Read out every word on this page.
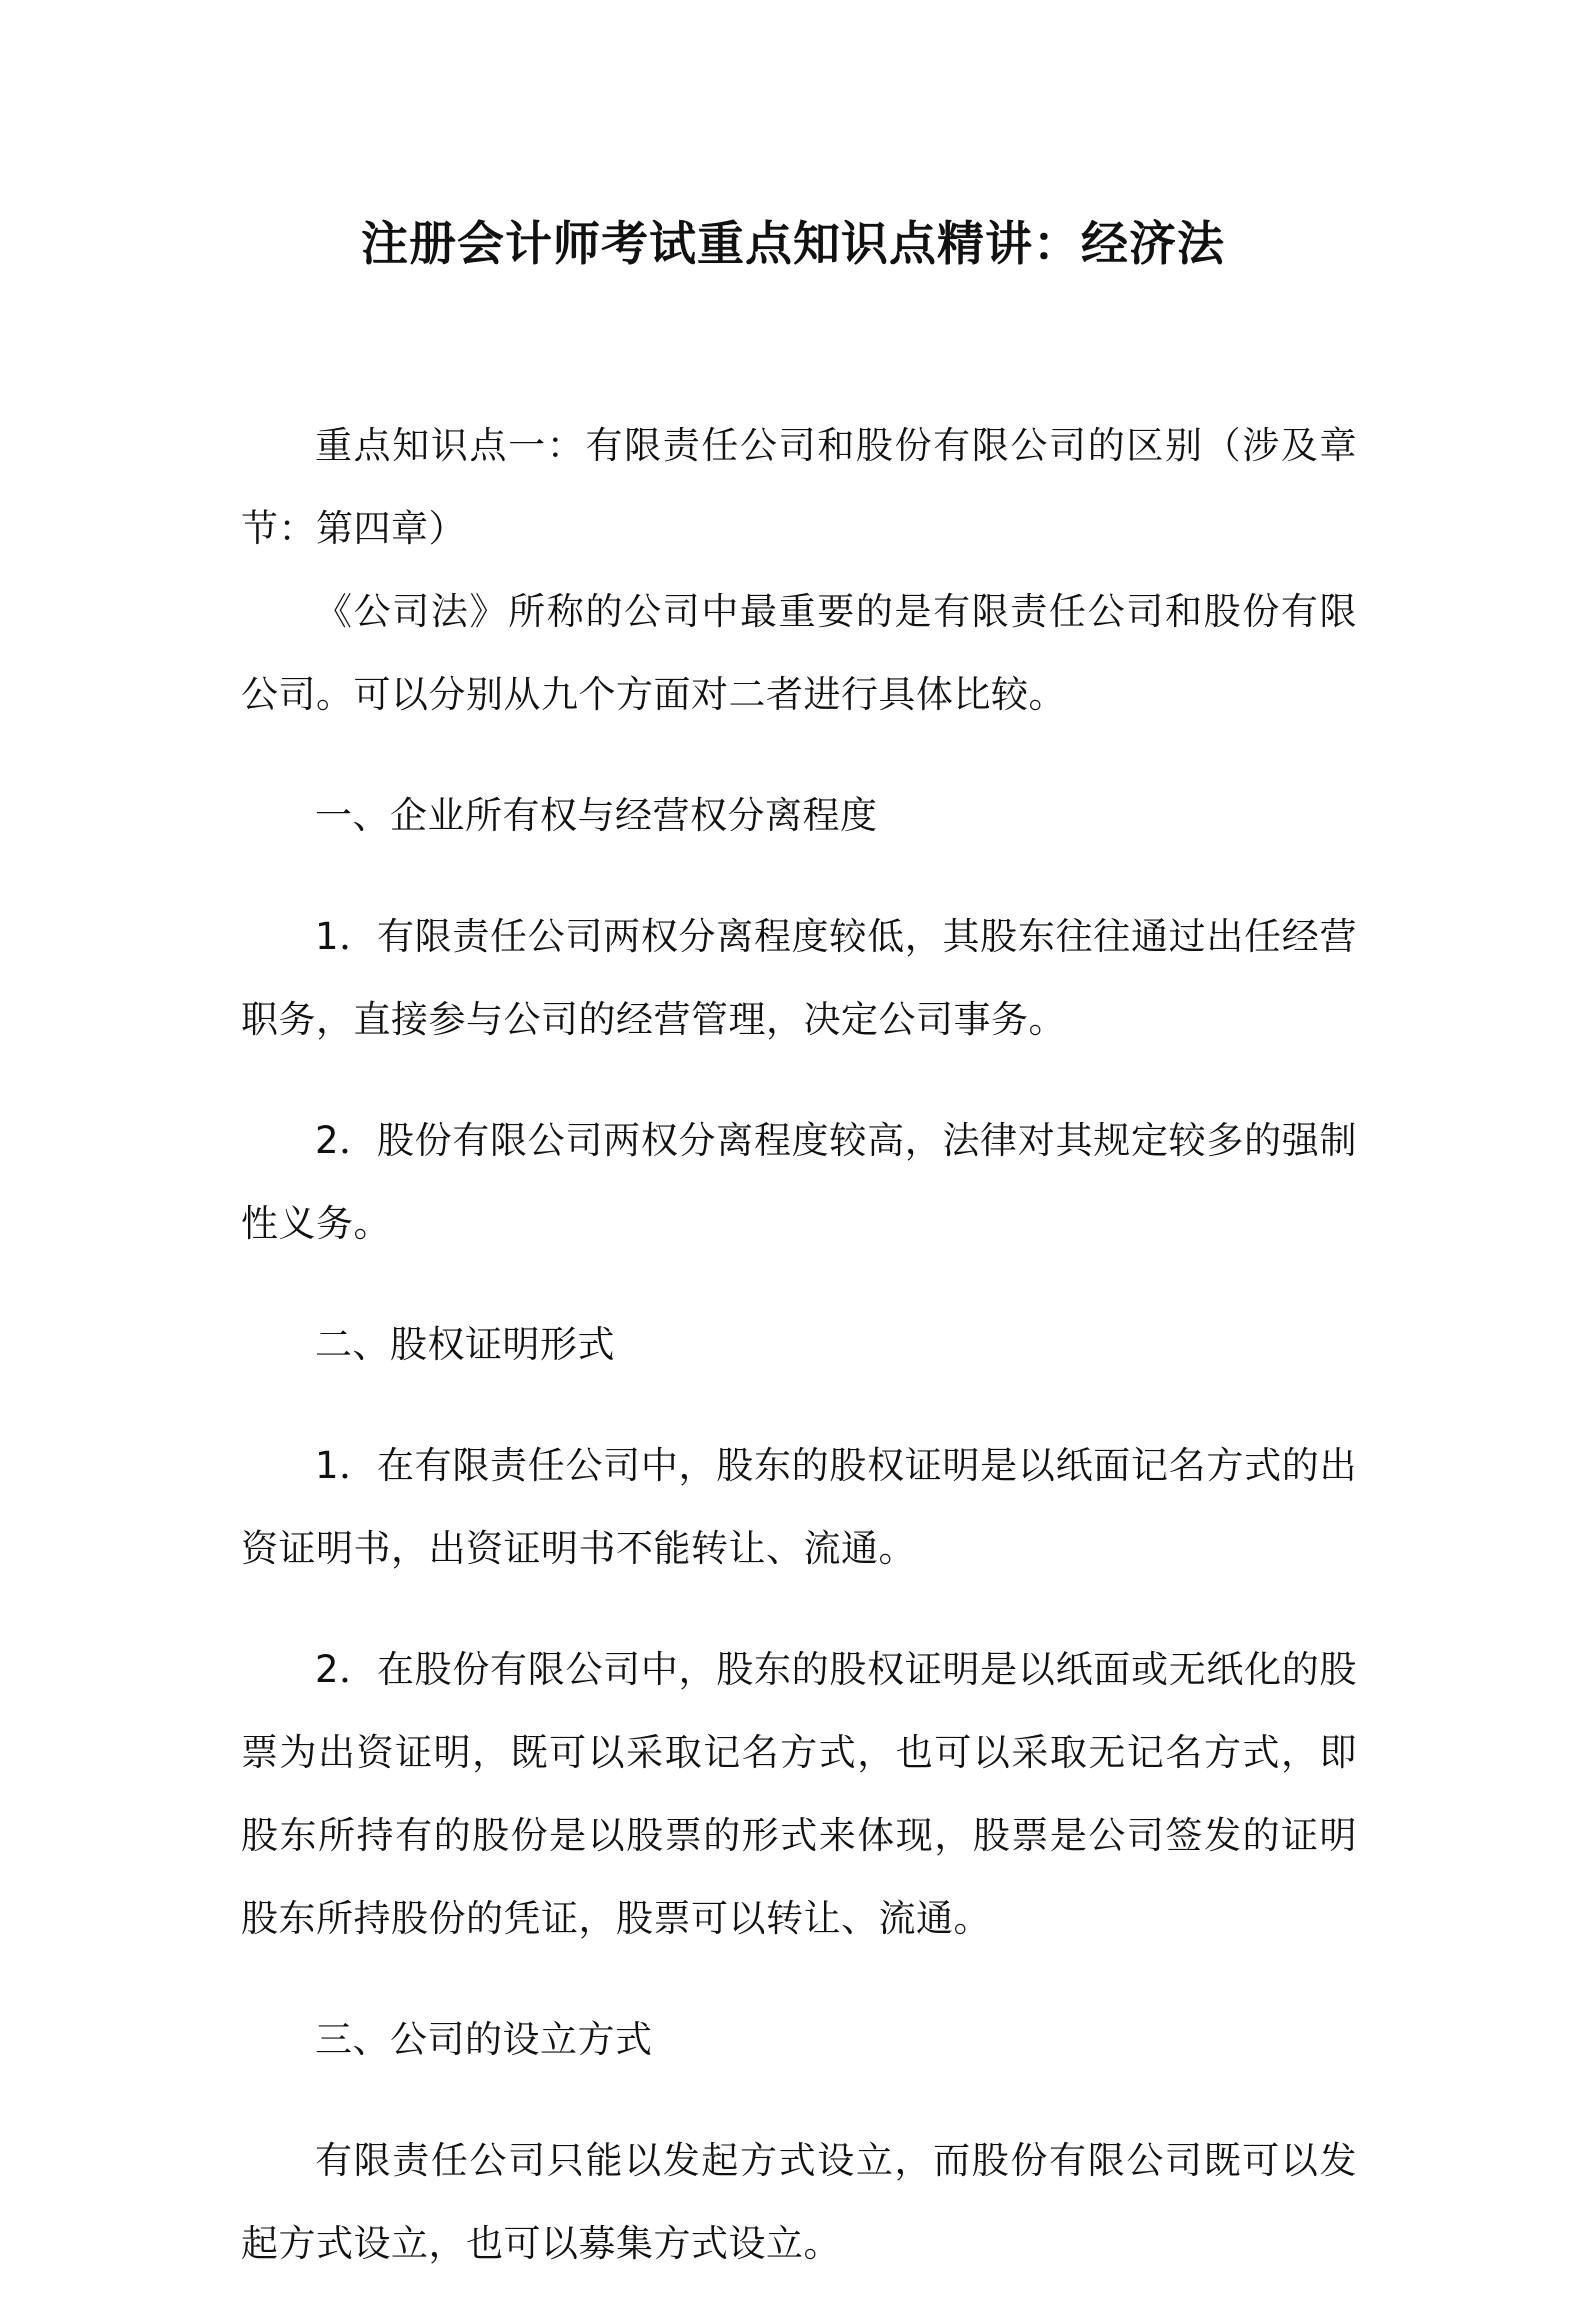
注册会计师考试重点知识点精讲：经济法

重点知识点一：有限责任公司和股份有限公司的区别（涉及章节：第四章）

《公司法》所称的公司中最重要的是有限责任公司和股份有限公司。可以分别从九个方面对二者进行具体比较。

一、企业所有权与经营权分离程度

1．有限责任公司两权分离程度较低，其股东往往通过出任经营职务，直接参与公司的经营管理，决定公司事务。

2．股份有限公司两权分离程度较高，法律对其规定较多的强制性义务。

二、股权证明形式

1．在有限责任公司中，股东的股权证明是以纸面记名方式的出资证明书，出资证明书不能转让、流通。

2．在股份有限公司中，股东的股权证明是以纸面或无纸化的股票为出资证明，既可以采取记名方式，也可以采取无记名方式，即股东所持有的股份是以股票的形式来体现，股票是公司签发的证明股东所持股份的凭证，股票可以转让、流通。

三、公司的设立方式

有限责任公司只能以发起方式设立，而股份有限公司既可以发起方式设立，也可以募集方式设立。
